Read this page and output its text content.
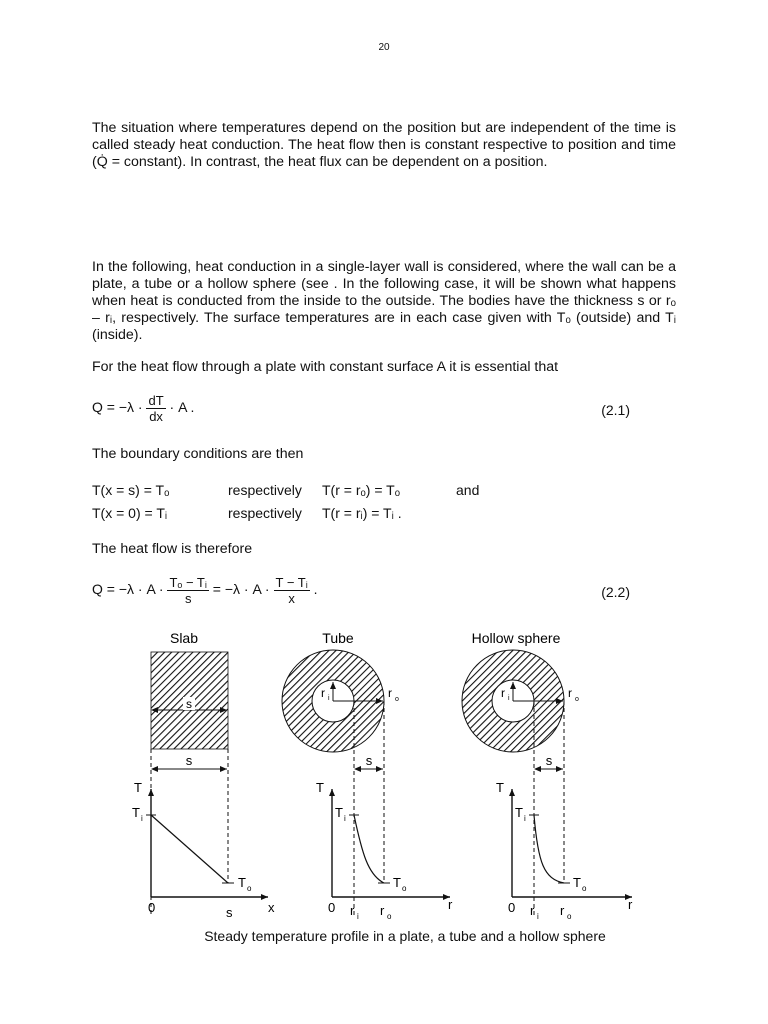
20
The situation where temperatures depend on the position but are independent of the time is called steady heat conduction. The heat flow then is constant respective to position and time (Q̇ = constant). In contrast, the heat flux can be dependent on a position.
In the following, heat conduction in a single-layer wall is considered, where the wall can be a plate, a tube or a hollow sphere (see . In the following case, it will be shown what happens when heat is conducted from the inside to the outside. The bodies have the thickness s or rₒ – rᵢ, respectively. The surface temperatures are in each case given with Tₒ (outside) and Tᵢ (inside).
For the heat flow through a plate with constant surface A it is essential that
$Q = -\lambda \cdot \frac{dT}{dx} \cdot A$ .	(2.1)
The boundary conditions are then
T(x = s) = Tₒ	respectively T(r = rₒ) = Tₒ	and
T(x = 0) = Tᵢ	respectively T(r = rᵢ) = Tᵢ .
The heat flow is therefore
$Q = -\lambda \cdot A \cdot \frac{\text{Tₒ − Tᵢ}}{s} = -\lambda \cdot A \cdot \frac{\text{T − Tᵢ}}{x}$ .	(2.2)
Slab	Tube	Hollow sphere
s
s
T
T i
0	s	x
T o
r i	r o
s
T
0 r i r o
r
T i
T o
r i	r o
s
T
0 r i r o
r
T i
T o
Steady temperature profile in a plate, a tube and a hollow sphere
